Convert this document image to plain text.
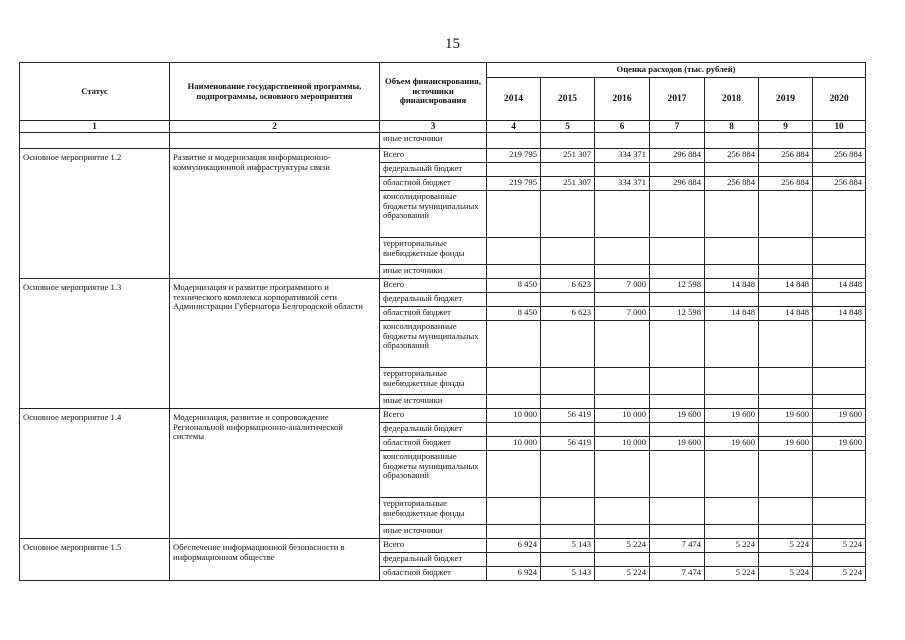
15
Статус	Наименование государственной программы, подпрограммы, основного мероприятия	Объем финансирования, источники финансирования	Оценка расходов (тыс. рублей)						
			2014	2015	2016	2017	2018	2019	2020
1	2	3	4	5	6	7	8	9	10
		иные источники							
Основное мероприятие 1.2	Развитие и модернизация информационно-коммуникационной инфраструктуры связи	Всего	219 795	251 307	334 371	296 884	256 884	256 884	256 884
		федеральный бюджет							
		областной бюджет	219 795	251 307	334 371	296 884	256 884	256 884	256 884
		консолидированные бюджеты муниципальных образований							
		территориальные внебюджетные фонды							
		иные источники							
Основное мероприятие 1.3	Модернизация и развитие программного и технического комплекса корпоративной сети Администрации Губернатора Белгородской области	Всего	8 450	6 623	7 000	12 598	14 848	14 848	14 848
		федеральный бюджет							
		областной бюджет	8 450	6 623	7 000	12 598	14 848	14 848	14 848
		консолидированные бюджеты муниципальных образований							
		территориальные внебюджетные фонды							
		иные источники							
Основное мероприятие 1.4	Модернизация, развитие и сопровождение Региональной информационно-аналитической системы	Всего	10 000	56 419	10 000	19 600	19 600	19 600	19 600
		федеральный бюджет							
		областной бюджет	10 000	56 419	10 000	19 600	19 600	19 600	19 600
		консолидированные бюджеты муниципальных образований							
		территориальные внебюджетные фонды							
		иные источники							
Основное мероприятие 1.5	Обеспечение информационной безопасности в информационном обществе	Всего	6 924	5 143	5 224	7 474	5 224	5 224	5 224
		федеральный бюджет							
		областной бюджет	6 924	5 143	5 224	7 474	5 224	5 224	5 224
